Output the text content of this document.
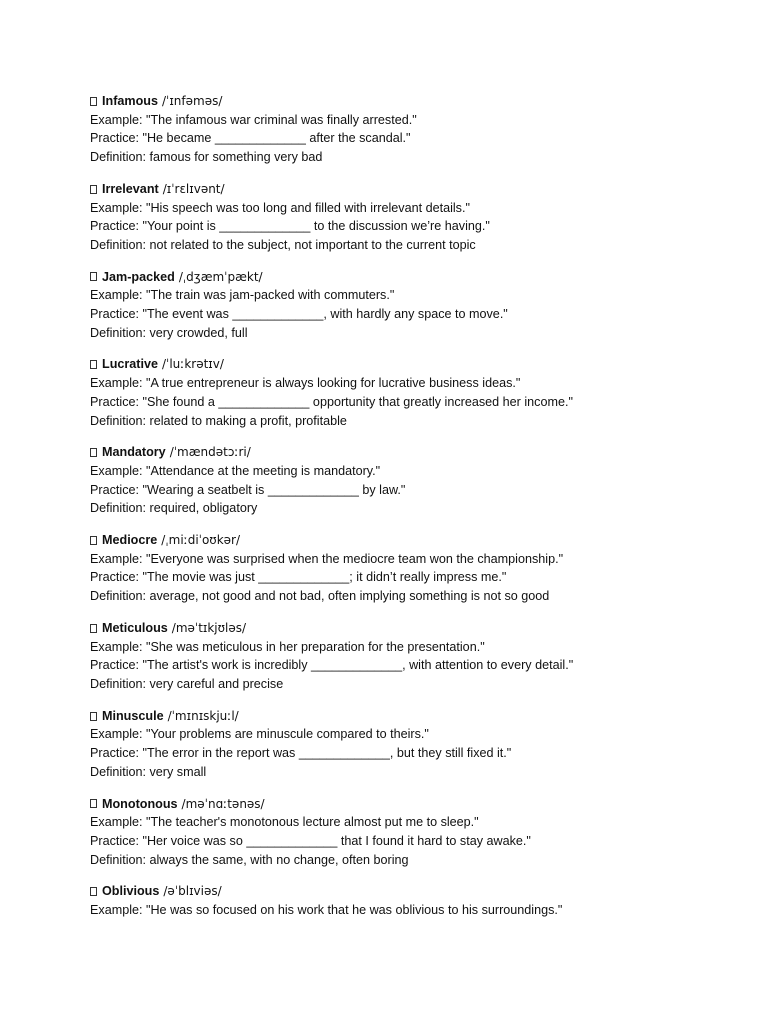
Infamous /ˈɪnfəməs/
Example: "The infamous war criminal was finally arrested."
Practice: "He became _____________ after the scandal."
Definition: famous for something very bad
Irrelevant /ɪˈrɛlɪvənt/
Example: "His speech was too long and filled with irrelevant details."
Practice: "Your point is _____________ to the discussion we’re having."
Definition: not related to the subject, not important to the current topic
Jam-packed /ˌdʒæmˈpækt/
Example: "The train was jam-packed with commuters."
Practice: "The event was _____________, with hardly any space to move."
Definition: very crowded, full
Lucrative /ˈluːkrətɪv/
Example: "A true entrepreneur is always looking for lucrative business ideas."
Practice: "She found a _____________ opportunity that greatly increased her income."
Definition: related to making a profit, profitable
Mandatory /ˈmændətɔːri/
Example: "Attendance at the meeting is mandatory."
Practice: "Wearing a seatbelt is _____________ by law."
Definition: required, obligatory
Mediocre /ˌmiːdiˈoʊkər/
Example: "Everyone was surprised when the mediocre team won the championship."
Practice: "The movie was just _____________; it didn’t really impress me."
Definition: average, not good and not bad, often implying something is not so good
Meticulous /məˈtɪkjʊləs/
Example: "She was meticulous in her preparation for the presentation."
Practice: "The artist's work is incredibly _____________, with attention to every detail."
Definition: very careful and precise
Minuscule /ˈmɪnɪskjuːl/
Example: "Your problems are minuscule compared to theirs."
Practice: "The error in the report was _____________, but they still fixed it."
Definition: very small
Monotonous /məˈnɑːtənəs/
Example: "The teacher's monotonous lecture almost put me to sleep."
Practice: "Her voice was so _____________ that I found it hard to stay awake."
Definition: always the same, with no change, often boring
Oblivious /əˈblɪviəs/
Example: "He was so focused on his work that he was oblivious to his surroundings."
